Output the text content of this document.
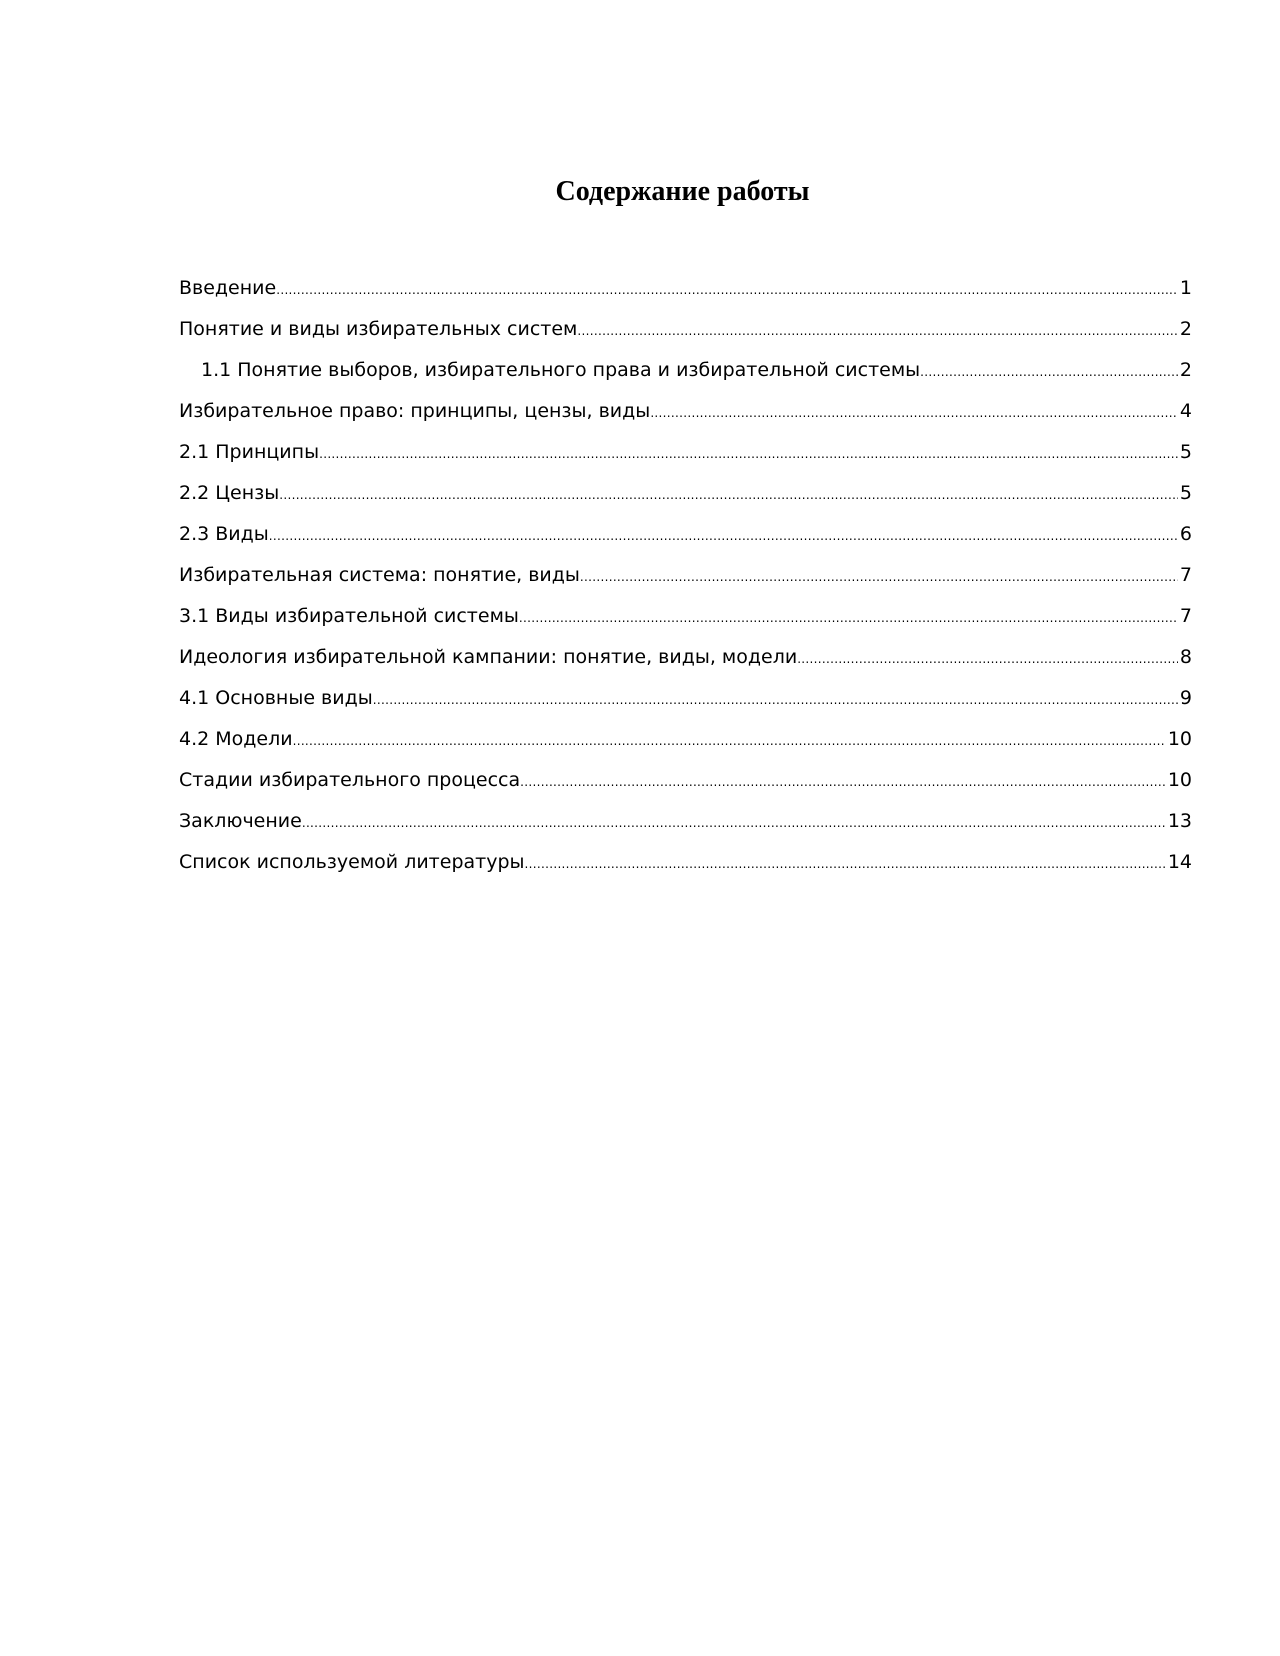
Содержание работы
Введение .....	1
Понятие и виды избирательных систем .....	2
1.1 Понятие выборов, избирательного права и избирательной системы .....	2
Избирательное право: принципы, цензы, виды .....	4
2.1 Принципы .....	5
2.2 Цензы .....	5
2.3 Виды .....	6
Избирательная система: понятие, виды .....	7
3.1 Виды избирательной системы .....	7
Идеология избирательной кампании: понятие, виды, модели .....	8
4.1 Основные виды .....	9
4.2 Модели .....	10
Стадии избирательного процесса .....	10
Заключение .....	13
Список используемой литературы .....	14
